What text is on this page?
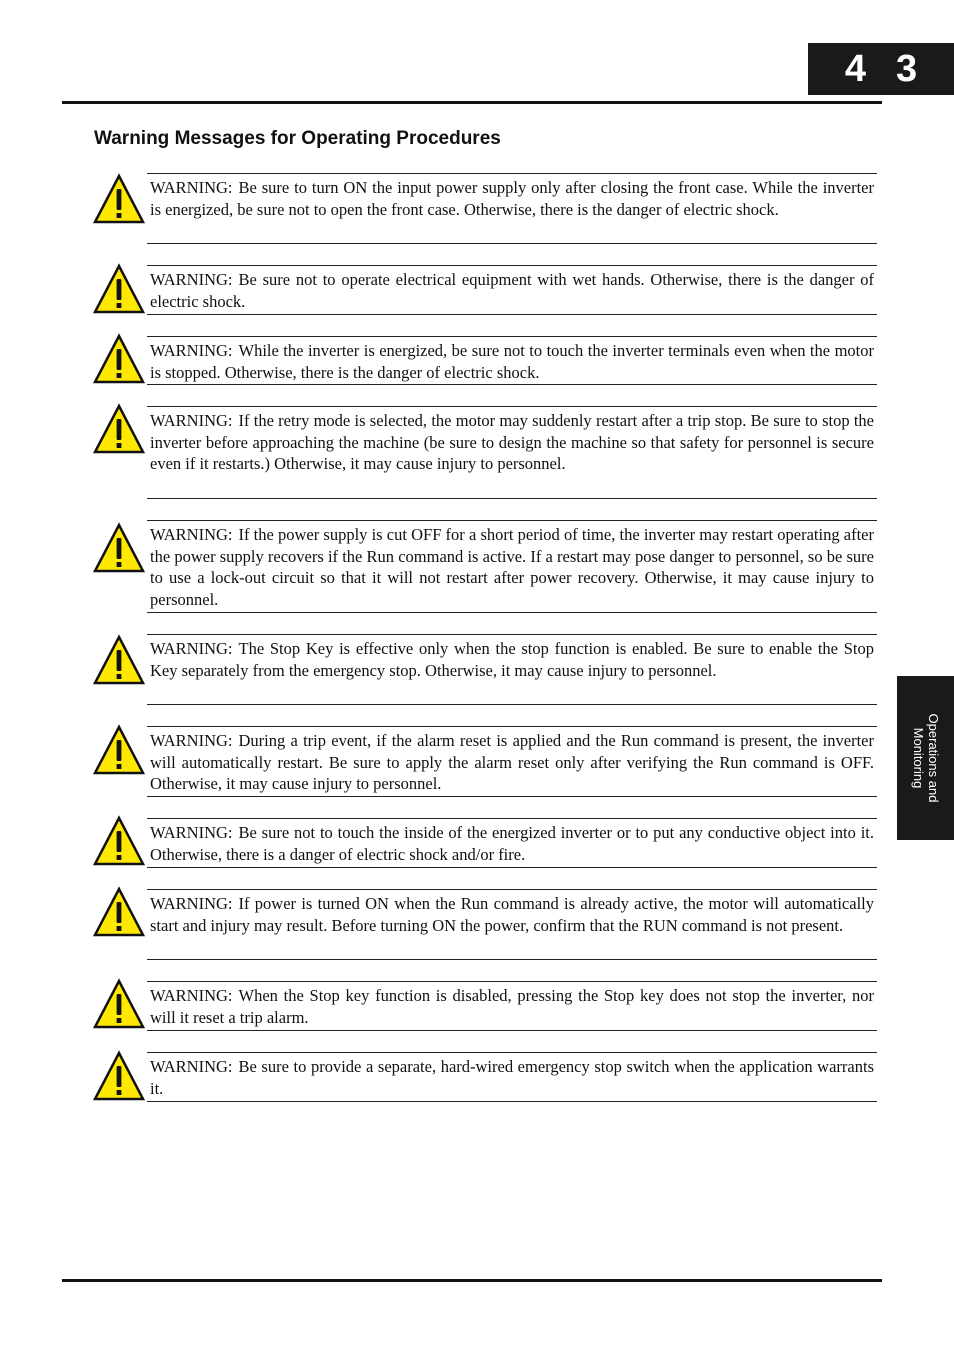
4 3
Warning Messages for Operating Procedures
Operations and
Monitoring

WARNING: Be sure to turn ON the input power supply only after closing the front case. While the inverter is energized, be sure not to open the front case. Otherwise, there is the danger of electric shock.

WARNING: Be sure not to operate electrical equipment with wet hands. Otherwise, there is the danger of electric shock.

WARNING: While the inverter is energized, be sure not to touch the inverter terminals even when the motor is stopped. Otherwise, there is the danger of electric shock.

WARNING: If the retry mode is selected, the motor may suddenly restart after a trip stop. Be sure to stop the inverter before approaching the machine (be sure to design the machine so that safety for personnel is secure even if it restarts.) Otherwise, it may cause injury to personnel.

WARNING: If the power supply is cut OFF for a short period of time, the inverter may restart operating after the power supply recovers if the Run command is active. If a restart may pose danger to personnel, so be sure to use a lock-out circuit so that it will not restart after power recovery. Otherwise, it may cause injury to personnel.

WARNING: The Stop Key is effective only when the stop function is enabled. Be sure to enable the Stop Key separately from the emergency stop. Otherwise, it may cause injury to personnel.

WARNING: During a trip event, if the alarm reset is applied and the Run command is present, the inverter will automatically restart. Be sure to apply the alarm reset only after verifying the Run command is OFF. Otherwise, it may cause injury to personnel.

WARNING: Be sure not to touch the inside of the energized inverter or to put any conductive object into it. Otherwise, there is a danger of electric shock and/or fire.

WARNING: If power is turned ON when the Run command is already active, the motor will automatically start and injury may result. Before turning ON the power, confirm that the RUN command is not present.

WARNING: When the Stop key function is disabled, pressing the Stop key does not stop the inverter, nor will it reset a trip alarm.

WARNING: Be sure to provide a separate, hard-wired emergency stop switch when the application warrants it.
